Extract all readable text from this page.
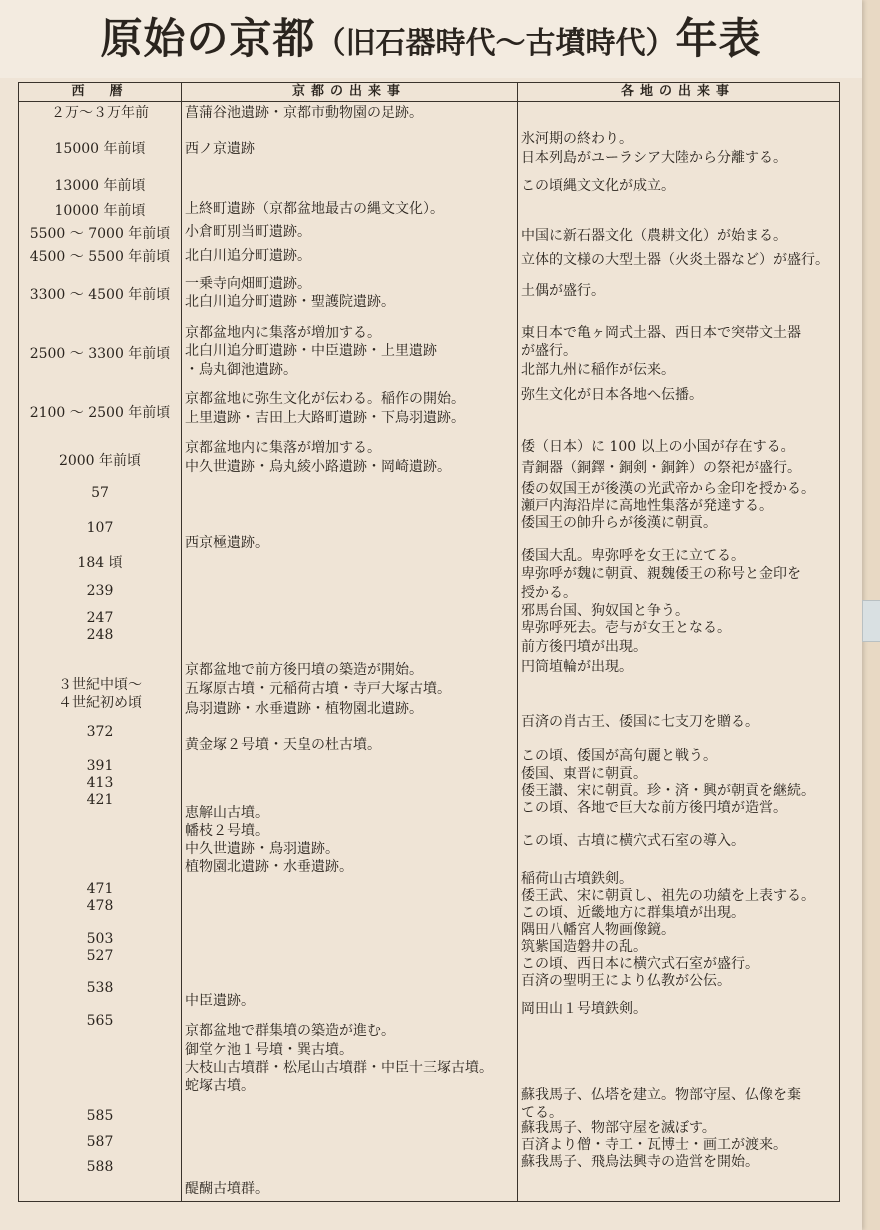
原始の京都（旧石器時代～古墳時代）年表
西　暦	京都の出来事	各地の出来事
２万～３万年前
15000 年前頃
13000 年前頃
10000 年前頃
5500 ～ 7000 年前頃
4500 ～ 5500 年前頃
3300 ～ 4500 年前頃
2500 ～ 3300 年前頃
2100 ～ 2500 年前頃
2000 年前頃
57
107
184 頃
239
247
248
３世紀中頃～
４世紀初め頃
372
391
413
421
471
478
503
527
538
565
585
587
588
菖蒲谷池遺跡・京都市動物園の足跡。
西ノ京遺跡
上終町遺跡（京都盆地最古の縄文文化）。
小倉町別当町遺跡。
北白川追分町遺跡。
一乗寺向畑町遺跡。
北白川追分町遺跡・聖護院遺跡。
京都盆地内に集落が増加する。
北白川追分町遺跡・中臣遺跡・上里遺跡
・烏丸御池遺跡。
京都盆地に弥生文化が伝わる。稲作の開始。
上里遺跡・吉田上大路町遺跡・下鳥羽遺跡。
京都盆地内に集落が増加する。
中久世遺跡・烏丸綾小路遺跡・岡崎遺跡。
西京極遺跡。
京都盆地で前方後円墳の築造が開始。
五塚原古墳・元稲荷古墳・寺戸大塚古墳。
鳥羽遺跡・水垂遺跡・植物園北遺跡。
黄金塚２号墳・天皇の杜古墳。
恵解山古墳。
幡枝２号墳。
中久世遺跡・鳥羽遺跡。
植物園北遺跡・水垂遺跡。
中臣遺跡。
京都盆地で群集墳の築造が進む。
御堂ケ池１号墳・巽古墳。
大枝山古墳群・松尾山古墳群・中臣十三塚古墳。
蛇塚古墳。
醍醐古墳群。
氷河期の終わり。
日本列島がユーラシア大陸から分離する。
この頃縄文文化が成立。
中国に新石器文化（農耕文化）が始まる。
立体的文様の大型土器（火炎土器など）が盛行。
土偶が盛行。
東日本で亀ヶ岡式土器、西日本で突帯文土器
が盛行。
北部九州に稲作が伝来。
弥生文化が日本各地へ伝播。
倭（日本）に 100 以上の小国が存在する。
青銅器（銅鐸・銅剣・銅鉾）の祭祀が盛行。
倭の奴国王が後漢の光武帝から金印を授かる。
瀬戸内海沿岸に高地性集落が発達する。
倭国王の帥升らが後漢に朝貢。
倭国大乱。卑弥呼を女王に立てる。
卑弥呼が魏に朝貢、親魏倭王の称号と金印を
授かる。
邪馬台国、狗奴国と争う。
卑弥呼死去。壱与が女王となる。
前方後円墳が出現。
円筒埴輪が出現。
百済の肖古王、倭国に七支刀を贈る。
この頃、倭国が高句麗と戦う。
倭国、東晋に朝貢。
倭王讃、宋に朝貢。珍・済・興が朝貢を継続。
この頃、各地で巨大な前方後円墳が造営。
この頃、古墳に横穴式石室の導入。
稲荷山古墳鉄剣。
倭王武、宋に朝貢し、祖先の功績を上表する。
この頃、近畿地方に群集墳が出現。
隅田八幡宮人物画像鏡。
筑紫国造磐井の乱。
この頃、西日本に横穴式石室が盛行。
百済の聖明王により仏教が公伝。
岡田山１号墳鉄剣。
蘇我馬子、仏塔を建立。物部守屋、仏像を棄
てる。
蘇我馬子、物部守屋を滅ぼす。
百済より僧・寺工・瓦博士・画工が渡来。
蘇我馬子、飛鳥法興寺の造営を開始。
